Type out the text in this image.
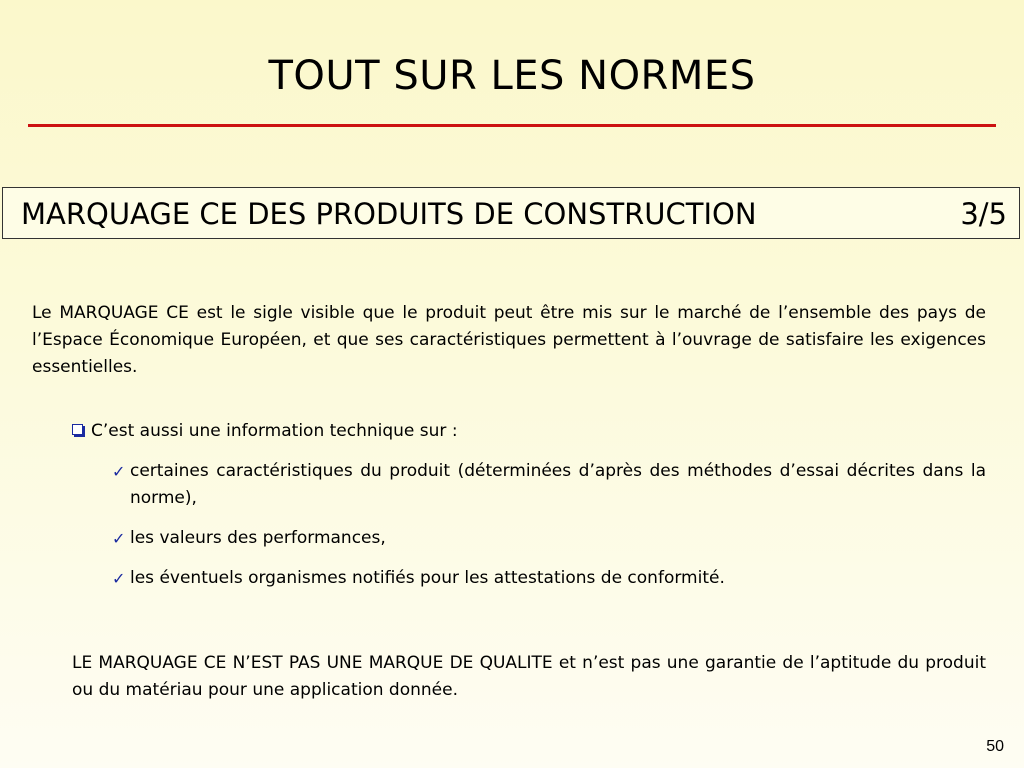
TOUT SUR LES NORMES
MARQUAGE CE DES PRODUITS DE CONSTRUCTION	3/5

Le MARQUAGE CE est le sigle visible que le produit peut être mis sur le marché de l’ensemble des pays de l’Espace Économique Européen, et que ses caractéristiques permettent à l’ouvrage de satisfaire les exigences essentielles.

C’est aussi une information technique sur :

✓ certaines caractéristiques du produit (déterminées d’après des méthodes d’essai décrites dans la norme),
✓ les valeurs des performances,
✓ les éventuels organismes notifiés pour les attestations de conformité.

LE MARQUAGE CE N’EST PAS UNE MARQUE DE QUALITE et n’est pas une garantie de l’aptitude du produit ou du matériau pour une application donnée.

50
